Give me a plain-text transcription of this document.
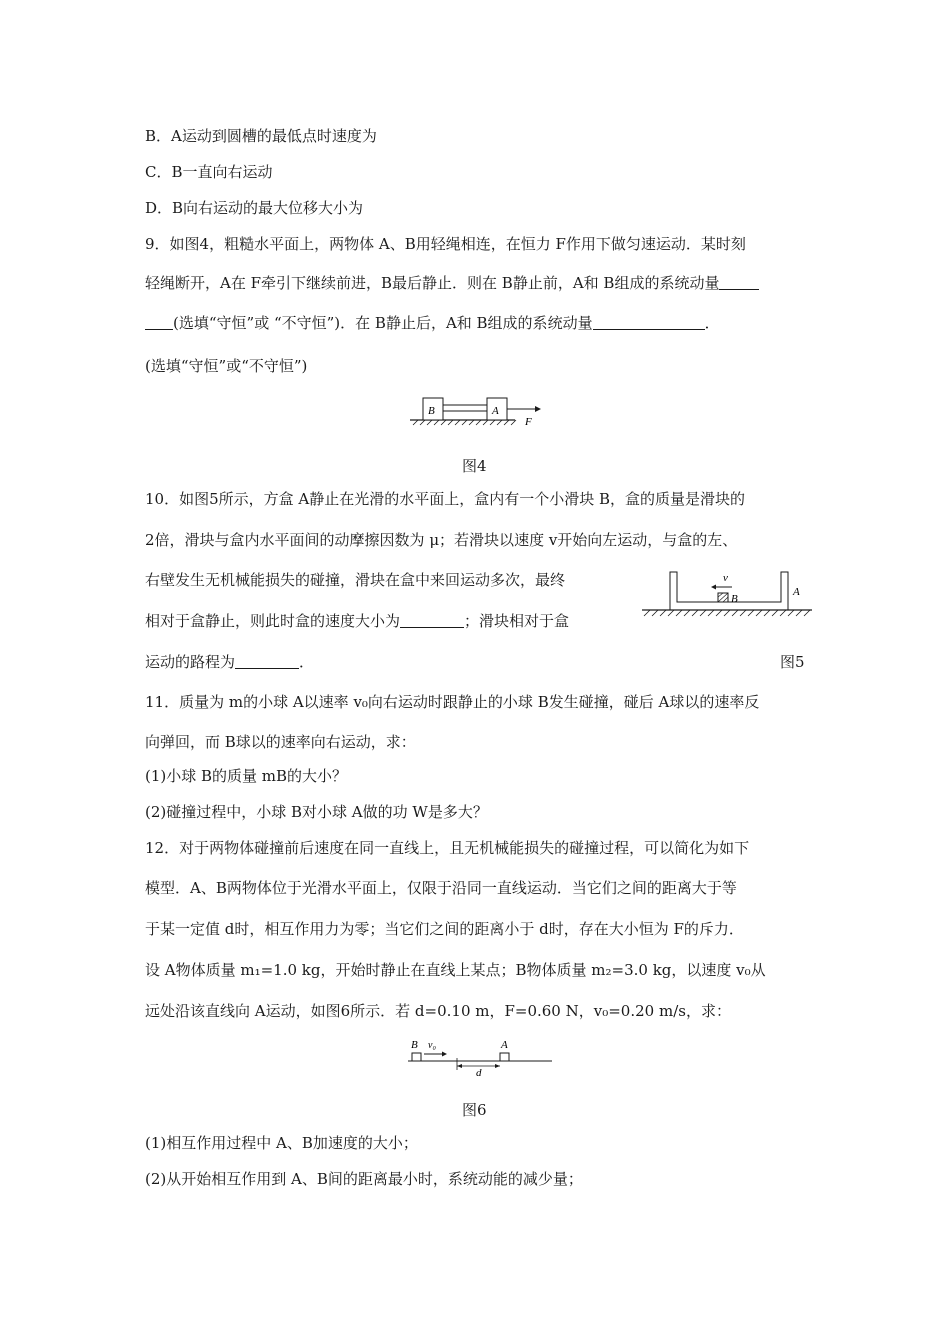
B．A运动到圆槽的最低点时速度为
C．B一直向右运动
D．B向右运动的最大位移大小为
9．如图4，粗糙水平面上，两物体 A、B用轻绳相连，在恒力 F作用下做匀速运动．某时刻
轻绳断开，A在 F牵引下继续前进，B最后静止．则在 B静止前，A和 B组成的系统动量
(选填“守恒”或 “不守恒”)．在 B静止后，A和 B组成的系统动量	．
(选填“守恒”或“不守恒”)
B	A
F
图4
10．如图5所示，方盒 A静止在光滑的水平面上，盒内有一个小滑块 B，盒的质量是滑块的
2倍，滑块与盒内水平面间的动摩擦因数为 μ；若滑块以速度 v开始向左运动，与盒的左、
右壁发生无机械能损失的碰撞，滑块在盒中来回运动多次，最终
相对于盒静止，则此时盒的速度大小为	；滑块相对于盒
运动的路程为	．
B
v
A
图5
11．质量为 m的小球 A以速率 v₀向右运动时跟静止的小球 B发生碰撞，碰后 A球以的速率反
向弹回，而 B球以的速率向右运动，求：
(1)小球 B的质量 mB的大小？
(2)碰撞过程中，小球 B对小球 A做的功 W是多大？
12．对于两物体碰撞前后速度在同一直线上，且无机械能损失的碰撞过程，可以简化为如下
模型．A、B两物体位于光滑水平面上，仅限于沿同一直线运动．当它们之间的距离大于等
于某一定值 d时，相互作用力为零；当它们之间的距离小于 d时，存在大小恒为 F的斥力．
设 A物体质量 m₁=1.0 kg，开始时静止在直线上某点；B物体质量 m₂=3.0 kg，以速度 v₀从
远处沿该直线向 A运动，如图6所示．若 d=0.10 m，F=0.60 N，v₀=0.20 m/s，求：
B v₀	A
d
图6
(1)相互作用过程中 A、B加速度的大小；
(2)从开始相互作用到 A、B间的距离最小时，系统动能的减少量；
